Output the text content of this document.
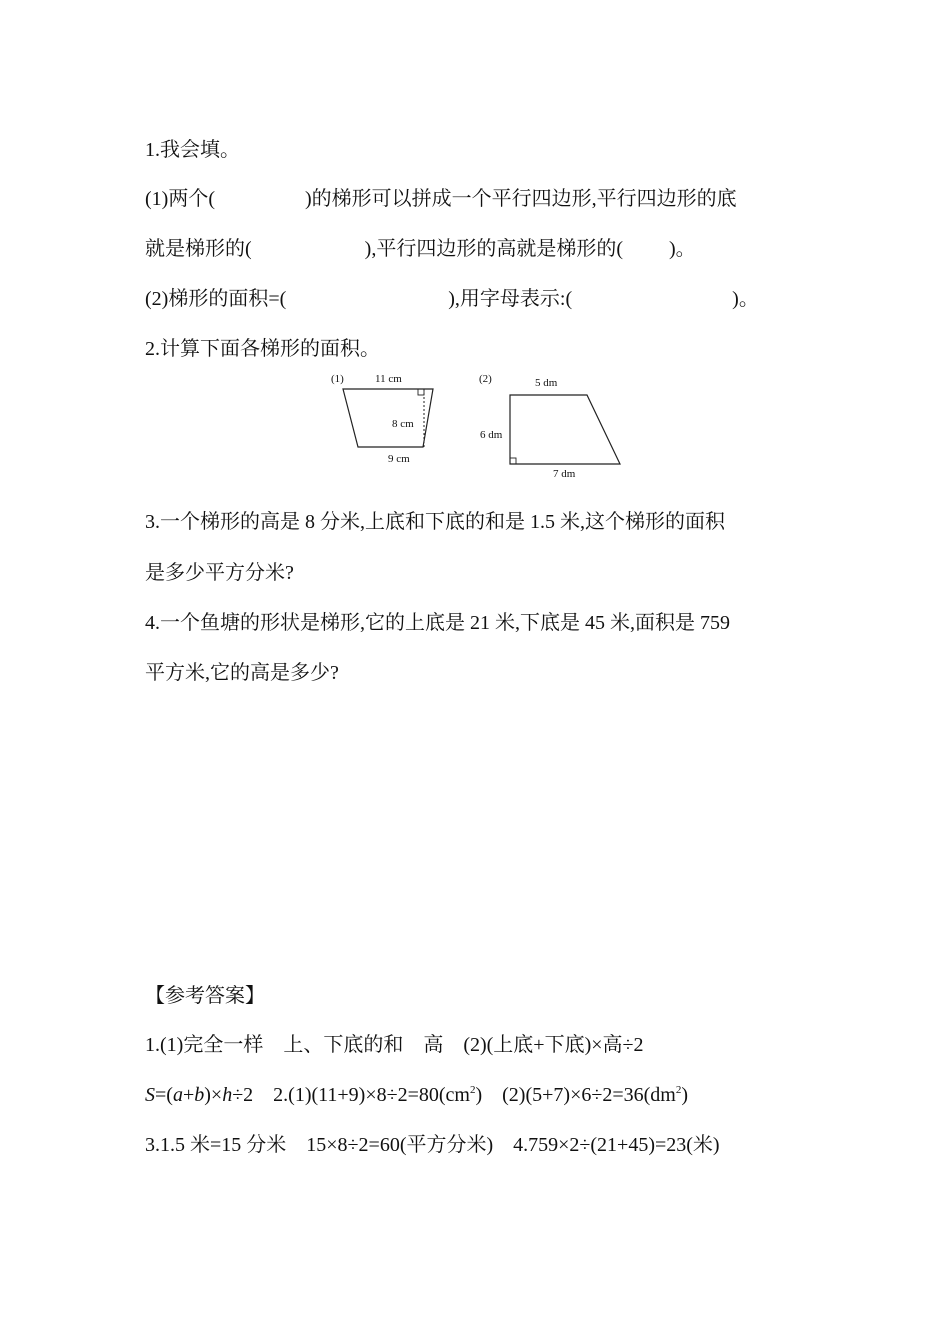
1.我会填。
(1)两个(	)的梯形可以拼成一个平行四边形,平行四边形的底
就是梯形的(	),平行四边形的高就是梯形的( )。
(2)梯形的面积=(	),用字母表示:(	)。
2.计算下面各梯形的面积。
(1)	11 cm
8 cm
9 cm
(2)	5 dm
6 dm
7 dm
3.一个梯形的高是 8 分米,上底和下底的和是 1.5 米,这个梯形的面积
是多少平方分米?
4.一个鱼塘的形状是梯形,它的上底是 21 米,下底是 45 米,面积是 759
平方米,它的高是多少?
【参考答案】
1.(1)完全一样    上、下底的和    高    (2)(上底+下底)×高÷2
S=(a+b)×h÷2    $2.(1)(11+9)\times 8\div 2=80(cm^2)$    $(2)(5+7)\times 6\div 2=36(dm^2)$
3.1.5 米=15 分米    15×8÷2=60(平方分米)    4.759×2÷(21+45)=23(米)
